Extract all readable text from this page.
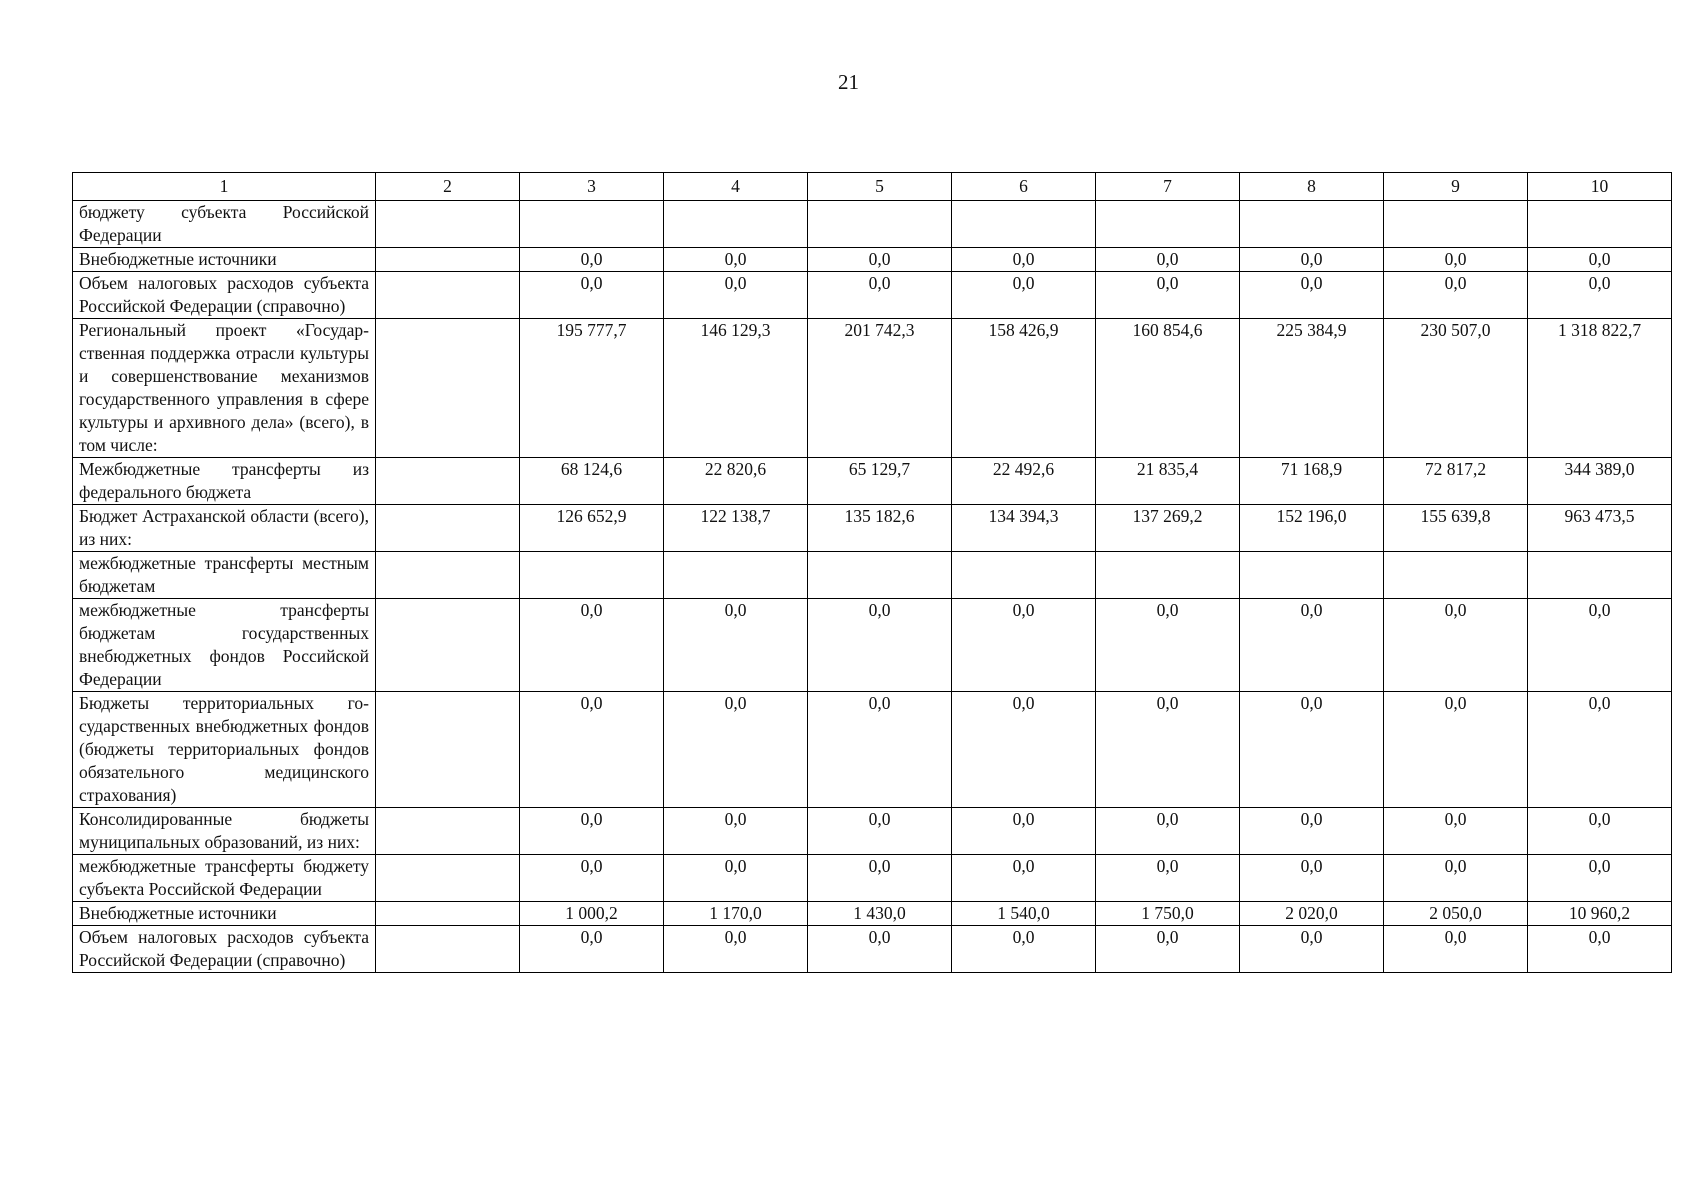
21
1	2	3	4	5	6	7	8	9	10
бюджету субъекта Российской Федерации									
Внебюджетные источники		0,0	0,0	0,0	0,0	0,0	0,0	0,0	0,0
Объем налоговых расходов субъекта Российской Федерации (справочно)		0,0	0,0	0,0	0,0	0,0	0,0	0,0	0,0
Региональный проект «Государственная поддержка отрасли культуры и совершенствование механизмов государственного управления в сфере культуры и архивного дела» (всего), в том числе:		195 777,7	146 129,3	201 742,3	158 426,9	160 854,6	225 384,9	230 507,0	1 318 822,7
Межбюджетные трансферты из федерального бюджета		68 124,6	22 820,6	65 129,7	22 492,6	21 835,4	71 168,9	72 817,2	344 389,0
Бюджет Астраханской области (всего), из них:		126 652,9	122 138,7	135 182,6	134 394,3	137 269,2	152 196,0	155 639,8	963 473,5
межбюджетные трансферты местным бюджетам									
межбюджетные трансферты бюджетам государственных внебюджетных фондов Российской Федерации		0,0	0,0	0,0	0,0	0,0	0,0	0,0	0,0
Бюджеты территориальных государственных внебюджетных фондов (бюджеты территориальных фондов обязательного медицинского страхования)		0,0	0,0	0,0	0,0	0,0	0,0	0,0	0,0
Консолидированные бюджеты муниципальных образований, из них:		0,0	0,0	0,0	0,0	0,0	0,0	0,0	0,0
межбюджетные трансферты бюджету субъекта Российской Федерации		0,0	0,0	0,0	0,0	0,0	0,0	0,0	0,0
Внебюджетные источники		1 000,2	1 170,0	1 430,0	1 540,0	1 750,0	2 020,0	2 050,0	10 960,2
Объем налоговых расходов субъекта Российской Федерации (справочно)		0,0	0,0	0,0	0,0	0,0	0,0	0,0	0,0
